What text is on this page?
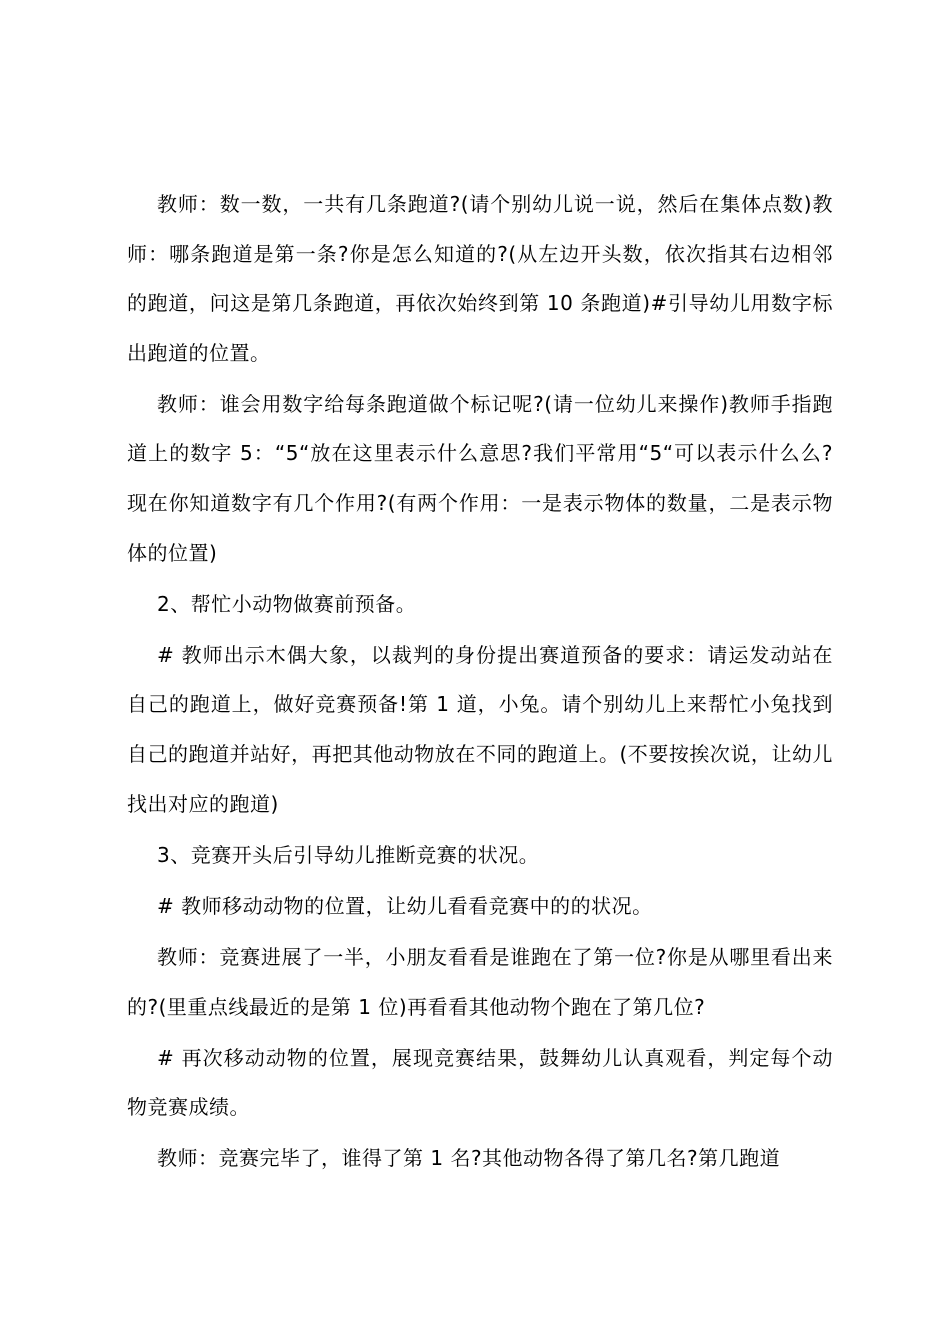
教师：数一数，一共有几条跑道?(请个别幼儿说一说，然后在集体点数)教师：哪条跑道是第一条?你是怎么知道的?(从左边开头数，依次指其右边相邻的跑道，问这是第几条跑道，再依次始终到第 10 条跑道)#引导幼儿用数字标出跑道的位置。

教师：谁会用数字给每条跑道做个标记呢?(请一位幼儿来操作)教师手指跑道上的数字 5：“5“放在这里表示什么意思?我们平常用“5“可以表示什么么?现在你知道数字有几个作用?(有两个作用：一是表示物体的数量，二是表示物体的位置)

2、帮忙小动物做赛前预备。

# 教师出示木偶大象，以裁判的身份提出赛道预备的要求：请运发动站在自己的跑道上，做好竞赛预备!第 1 道，小兔。请个别幼儿上来帮忙小兔找到自己的跑道并站好，再把其他动物放在不同的跑道上。(不要按挨次说，让幼儿找出对应的跑道)

3、竞赛开头后引导幼儿推断竞赛的状况。

# 教师移动动物的位置，让幼儿看看竞赛中的的状况。

教师：竞赛进展了一半，小朋友看看是谁跑在了第一位?你是从哪里看出来的?(里重点线最近的是第 1 位)再看看其他动物个跑在了第几位?

# 再次移动动物的位置，展现竞赛结果，鼓舞幼儿认真观看，判定每个动物竞赛成绩。

教师：竞赛完毕了，谁得了第 1 名?其他动物各得了第几名?第几跑道
